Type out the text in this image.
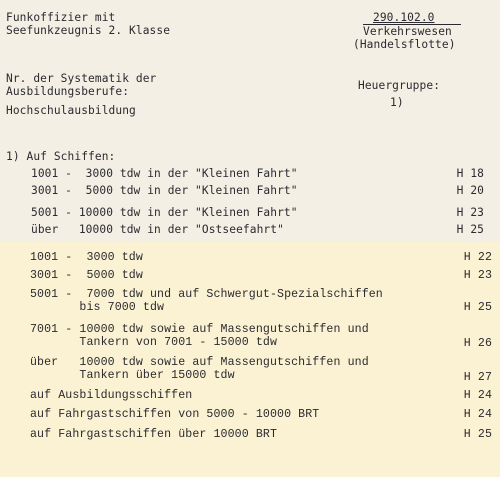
Funkoffizier mit
Seefunkzeugnis 2. Klasse
290.102.0
Verkehrswesen
(Handelsflotte)
Nr. der Systematik der
Ausbildungsberufe:	Heuergruppe:
1)
Hochschulausbildung
1) Auf Schiffen:
1001 -  3000 tdw in der "Kleinen Fahrt"	H 18
3001 -  5000 tdw in der "Kleinen Fahrt"	H 20
5001 - 10000 tdw in der "Kleinen Fahrt"	H 23
über   10000 tdw in der "Ostseefahrt"	H 25
1001 -  3000 tdw	H 22
3001 -  5000 tdw	H 23
5001 -  7000 tdw und auf Schwergut-Spezialschiffen
bis 7000 tdw	H 25
7001 - 10000 tdw sowie auf Massengutschiffen und
Tankern von 7001 - 15000 tdw	H 26
über   10000 tdw sowie auf Massengutschiffen und
Tankern über 15000 tdw	H 27
auf Ausbildungsschiffen	H 24
auf Fahrgastschiffen von 5000 - 10000 BRT	H 24
auf Fahrgastschiffen über 10000 BRT	H 25
